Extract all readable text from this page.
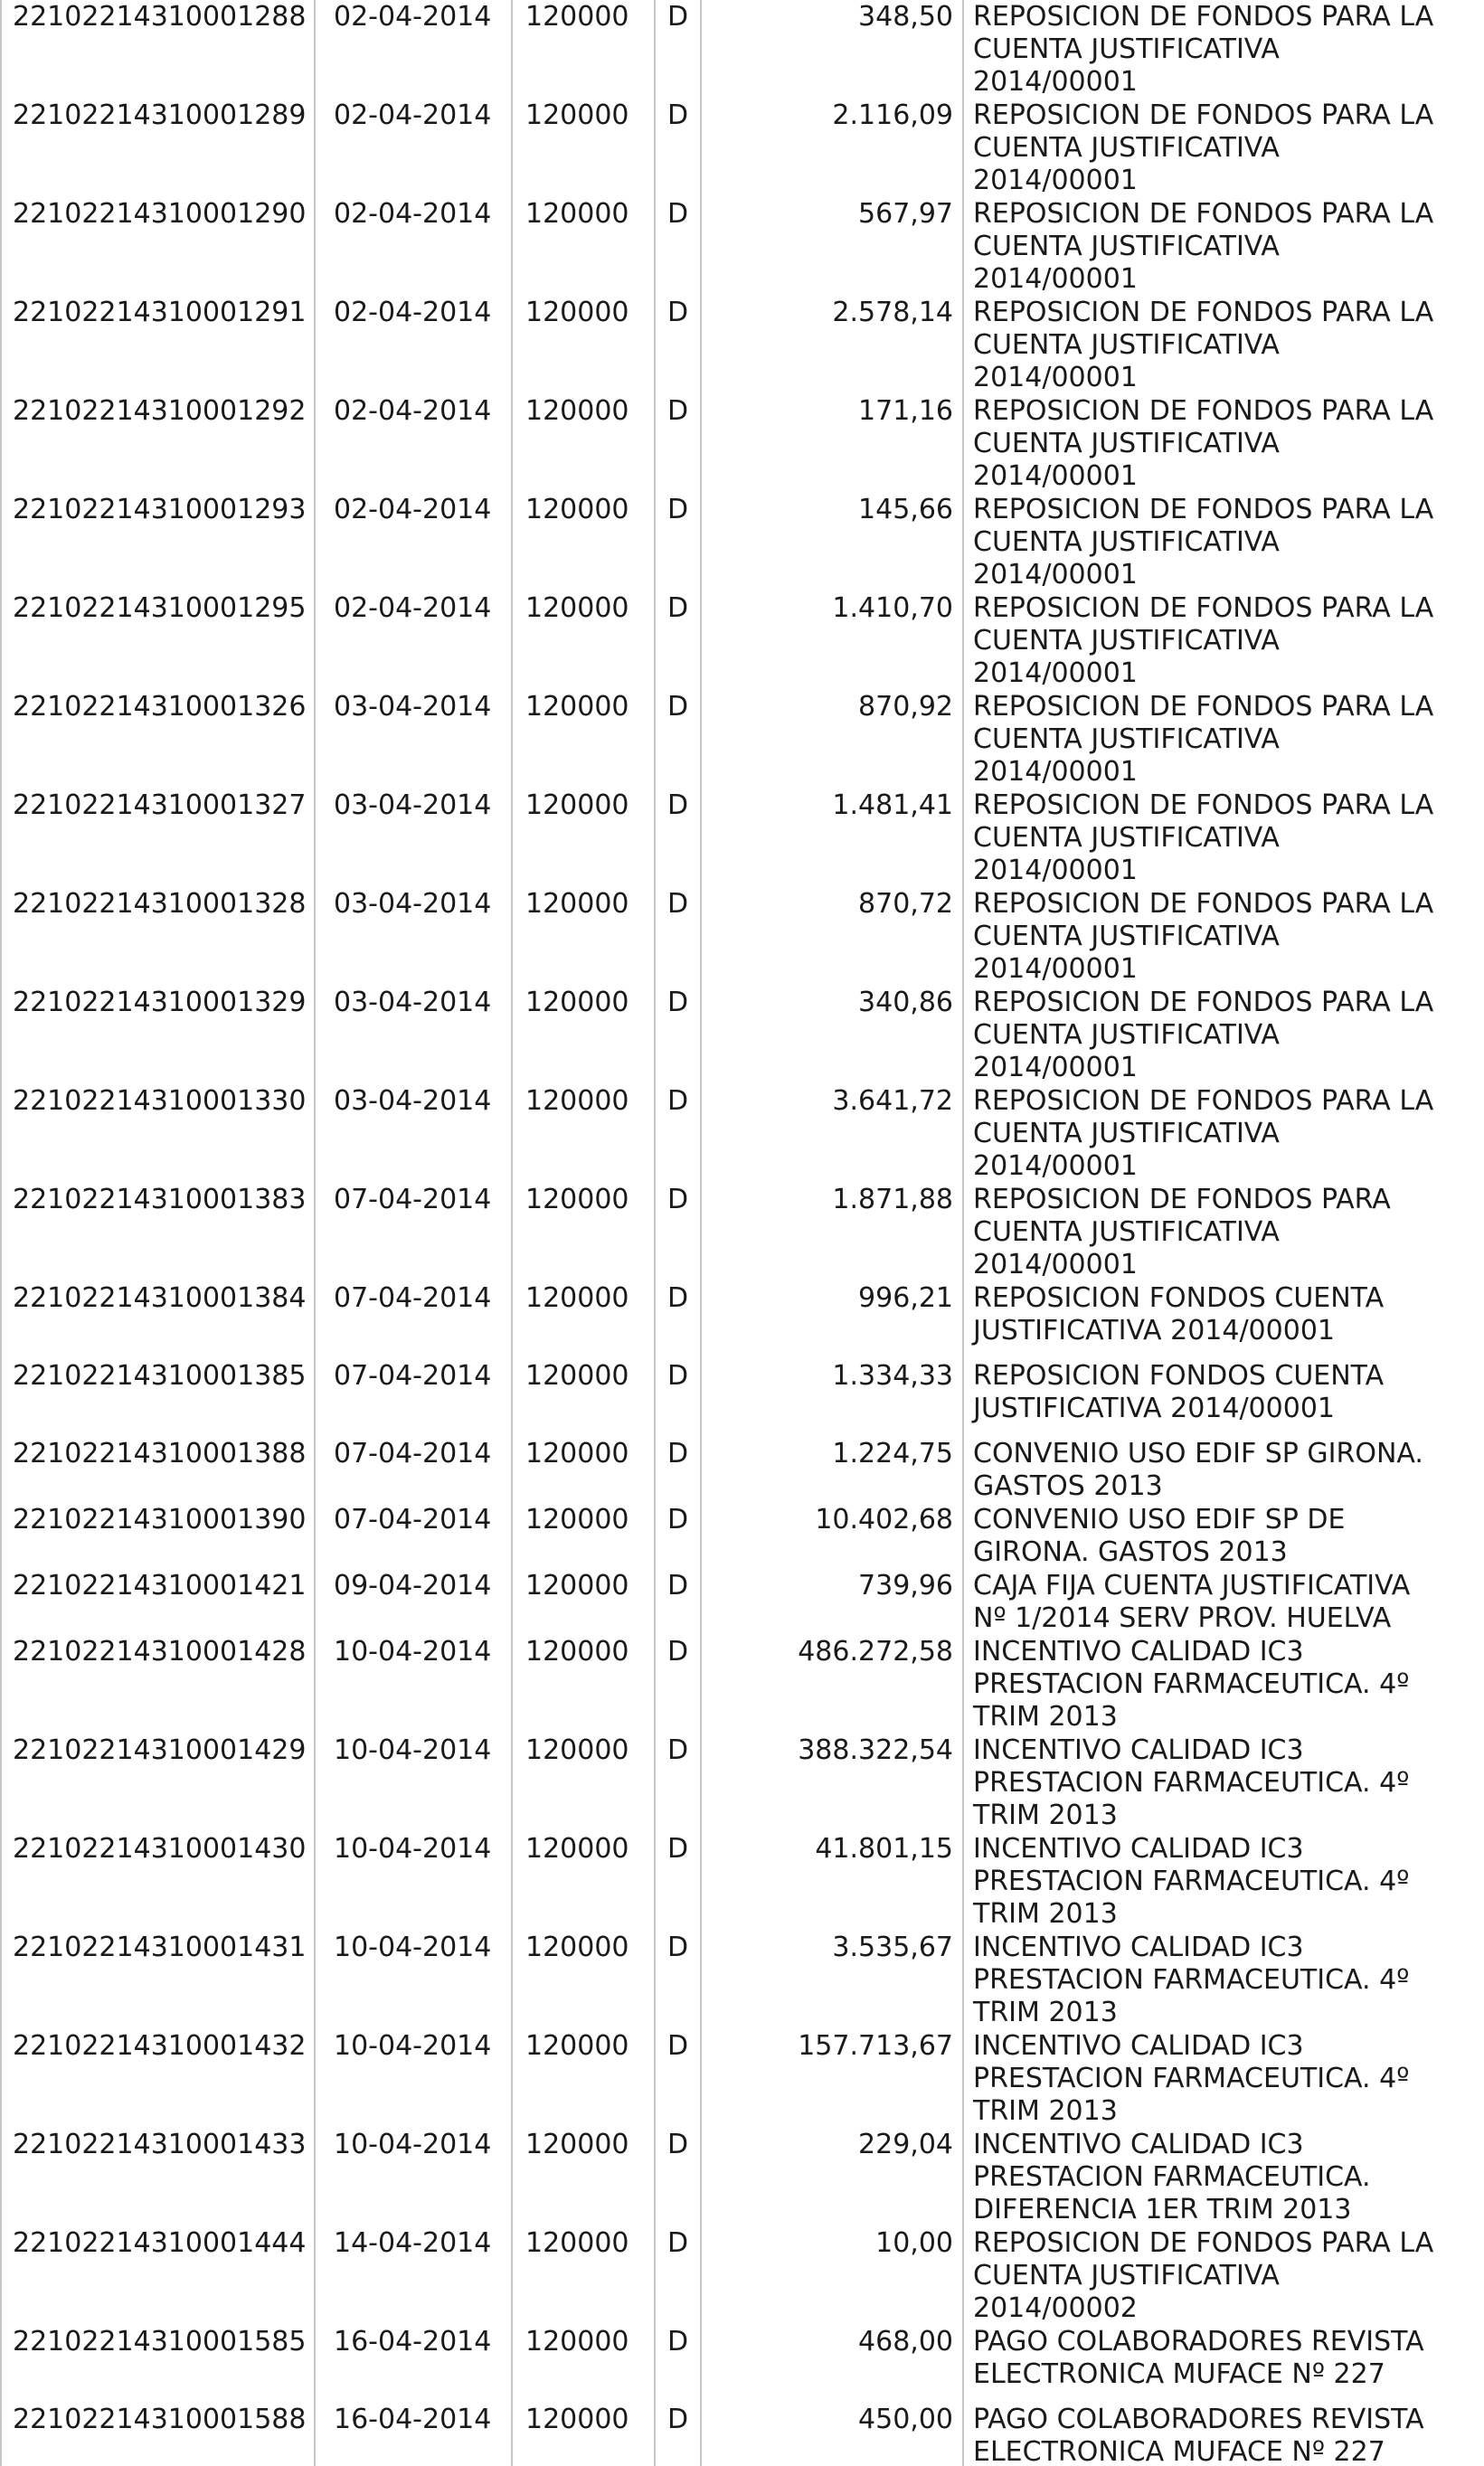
22102214310001288	02-04-2014	120000	D	348,50	REPOSICION DE FONDOS PARA LA
CUENTA JUSTIFICATIVA
2014/00001

22102214310001289	02-04-2014	120000	D	2.116,09	REPOSICION DE FONDOS PARA LA
CUENTA JUSTIFICATIVA
2014/00001

22102214310001290	02-04-2014	120000	D	567,97	REPOSICION DE FONDOS PARA LA
CUENTA JUSTIFICATIVA
2014/00001

22102214310001291	02-04-2014	120000	D	2.578,14	REPOSICION DE FONDOS PARA LA
CUENTA JUSTIFICATIVA
2014/00001

22102214310001292	02-04-2014	120000	D	171,16	REPOSICION DE FONDOS PARA LA
CUENTA JUSTIFICATIVA
2014/00001

22102214310001293	02-04-2014	120000	D	145,66	REPOSICION DE FONDOS PARA LA
CUENTA JUSTIFICATIVA
2014/00001

22102214310001295	02-04-2014	120000	D	1.410,70	REPOSICION DE FONDOS PARA LA
CUENTA JUSTIFICATIVA
2014/00001

22102214310001326	03-04-2014	120000	D	870,92	REPOSICION DE FONDOS PARA LA
CUENTA JUSTIFICATIVA
2014/00001

22102214310001327	03-04-2014	120000	D	1.481,41	REPOSICION DE FONDOS PARA LA
CUENTA JUSTIFICATIVA
2014/00001

22102214310001328	03-04-2014	120000	D	870,72	REPOSICION DE FONDOS PARA LA
CUENTA JUSTIFICATIVA
2014/00001

22102214310001329	03-04-2014	120000	D	340,86	REPOSICION DE FONDOS PARA LA
CUENTA JUSTIFICATIVA
2014/00001

22102214310001330	03-04-2014	120000	D	3.641,72	REPOSICION DE FONDOS PARA LA
CUENTA JUSTIFICATIVA
2014/00001

22102214310001383	07-04-2014	120000	D	1.871,88	REPOSICION DE FONDOS PARA
CUENTA JUSTIFICATIVA
2014/00001

22102214310001384	07-04-2014	120000	D	996,21	REPOSICION FONDOS CUENTA
JUSTIFICATIVA 2014/00001

22102214310001385	07-04-2014	120000	D	1.334,33	REPOSICION FONDOS CUENTA
JUSTIFICATIVA 2014/00001

22102214310001388	07-04-2014	120000	D	1.224,75	CONVENIO USO EDIF SP GIRONA.
GASTOS 2013

22102214310001390	07-04-2014	120000	D	10.402,68	CONVENIO USO EDIF SP DE
GIRONA. GASTOS 2013

22102214310001421	09-04-2014	120000	D	739,96	CAJA FIJA CUENTA JUSTIFICATIVA
Nº 1/2014 SERV PROV. HUELVA

22102214310001428	10-04-2014	120000	D	486.272,58	INCENTIVO CALIDAD IC3
PRESTACION FARMACEUTICA. 4º
TRIM 2013

22102214310001429	10-04-2014	120000	D	388.322,54	INCENTIVO CALIDAD IC3
PRESTACION FARMACEUTICA. 4º
TRIM 2013

22102214310001430	10-04-2014	120000	D	41.801,15	INCENTIVO CALIDAD IC3
PRESTACION FARMACEUTICA. 4º
TRIM 2013

22102214310001431	10-04-2014	120000	D	3.535,67	INCENTIVO CALIDAD IC3
PRESTACION FARMACEUTICA. 4º
TRIM 2013

22102214310001432	10-04-2014	120000	D	157.713,67	INCENTIVO CALIDAD IC3
PRESTACION FARMACEUTICA. 4º
TRIM 2013

22102214310001433	10-04-2014	120000	D	229,04	INCENTIVO CALIDAD IC3
PRESTACION FARMACEUTICA.
DIFERENCIA 1ER TRIM 2013

22102214310001444	14-04-2014	120000	D	10,00	REPOSICION DE FONDOS PARA LA
CUENTA JUSTIFICATIVA
2014/00002

22102214310001585	16-04-2014	120000	D	468,00	PAGO COLABORADORES REVISTA
ELECTRONICA MUFACE Nº 227

22102214310001588	16-04-2014	120000	D	450,00	PAGO COLABORADORES REVISTA
ELECTRONICA MUFACE Nº 227
